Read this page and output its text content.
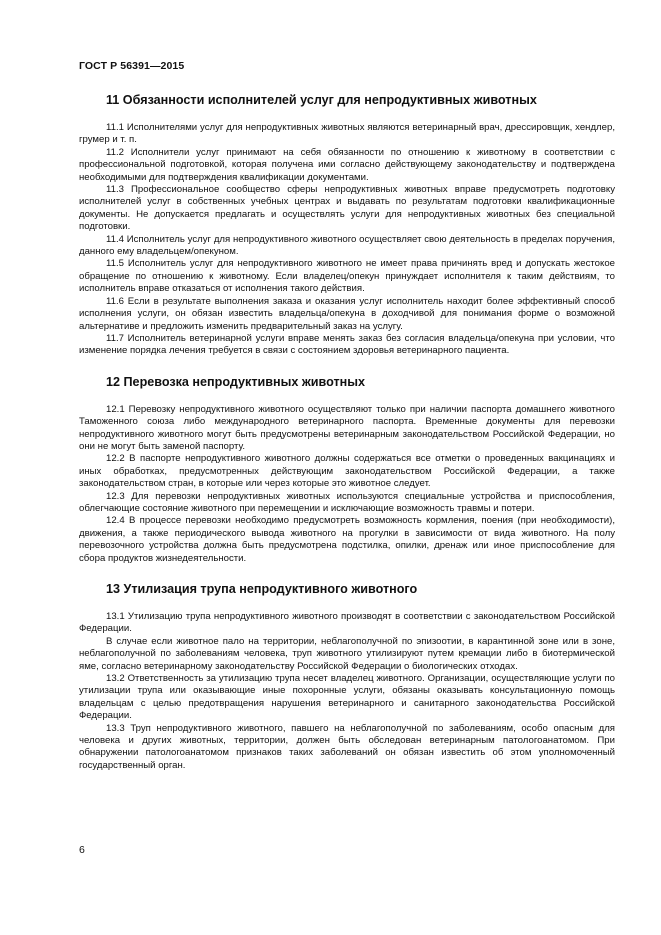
ГОСТ Р 56391—2015
11 Обязанности исполнителей услуг для непродуктивных животных

11.1 Исполнителями услуг для непродуктивных животных являются ветеринарный врач, дрессировщик, хендлер, грумер и т. п.

11.2 Исполнители услуг принимают на себя обязанности по отношению к животному в соответствии с профессиональной подготовкой, которая получена ими согласно действующему законодательству и подтверждена необходимыми для подтверждения квалификации документами.

11.3 Профессиональное сообщество сферы непродуктивных животных вправе предусмотреть подготовку исполнителей услуг в собственных учебных центрах и выдавать по результатам подготовки квалификационные документы. Не допускается предлагать и осуществлять услуги для непродуктивных животных без специальной подготовки.

11.4 Исполнитель услуг для непродуктивного животного осуществляет свою деятельность в пределах поручения, данного ему владельцем/опекуном.

11.5 Исполнитель услуг для непродуктивного животного не имеет права причинять вред и допускать жестокое обращение по отношению к животному. Если владелец/опекун принуждает исполнителя к таким действиям, то исполнитель вправе отказаться от исполнения такого действия.

11.6 Если в результате выполнения заказа и оказания услуг исполнитель находит более эффективный способ исполнения услуги, он обязан известить владельца/опекуна в доходчивой для понимания форме о возможной альтернативе и предложить изменить предварительный заказ на услугу.

11.7 Исполнитель ветеринарной услуги вправе менять заказ без согласия владельца/опекуна при условии, что изменение порядка лечения требуется в связи с состоянием здоровья ветеринарного пациента.

12 Перевозка непродуктивных животных

12.1 Перевозку непродуктивного животного осуществляют только при наличии паспорта домашнего животного Таможенного союза либо международного ветеринарного паспорта. Временные документы для перевозки непродуктивного животного могут быть предусмотрены ветеринарным законодательством Российской Федерации, но они не могут быть заменой паспорту.

12.2 В паспорте непродуктивного животного должны содержаться все отметки о проведенных вакцинациях и иных обработках, предусмотренных действующим законодательством Российской Федерации, а также законодательством стран, в которые или через которые это животное следует.

12.3 Для перевозки непродуктивных животных используются специальные устройства и приспособления, облегчающие состояние животного при перемещении и исключающие возможность травмы и потери.

12.4 В процессе перевозки необходимо предусмотреть возможность кормления, поения (при необходимости), движения, а также периодического вывода животного на прогулки в зависимости от вида животного. На полу перевозочного устройства должна быть предусмотрена подстилка, опилки, дренаж или иное приспособление для сбора продуктов жизнедеятельности.

13 Утилизация трупа непродуктивного животного

13.1 Утилизацию трупа непродуктивного животного производят в соответствии с законодательством Российской Федерации.

В случае если животное пало на территории, неблагополучной по эпизоотии, в карантинной зоне или в зоне, неблагополучной по заболеваниям человека, труп животного утилизируют путем кремации либо в биотермической яме, согласно ветеринарному законодательству Российской Федерации о биологических отходах.

13.2 Ответственность за утилизацию трупа несет владелец животного. Организации, осуществляющие услуги по утилизации трупа или оказывающие иные похоронные услуги, обязаны оказывать консультационную помощь владельцам с целью предотвращения нарушения ветеринарного и санитарного законодательства Российской Федерации.

13.3 Труп непродуктивного животного, павшего на неблагополучной по заболеваниям, особо опасным для человека и других животных, территории, должен быть обследован ветеринарным патологоанатомом. При обнаружении патологоанатомом признаков таких заболеваний он обязан известить об этом уполномоченный государственный орган.

6
